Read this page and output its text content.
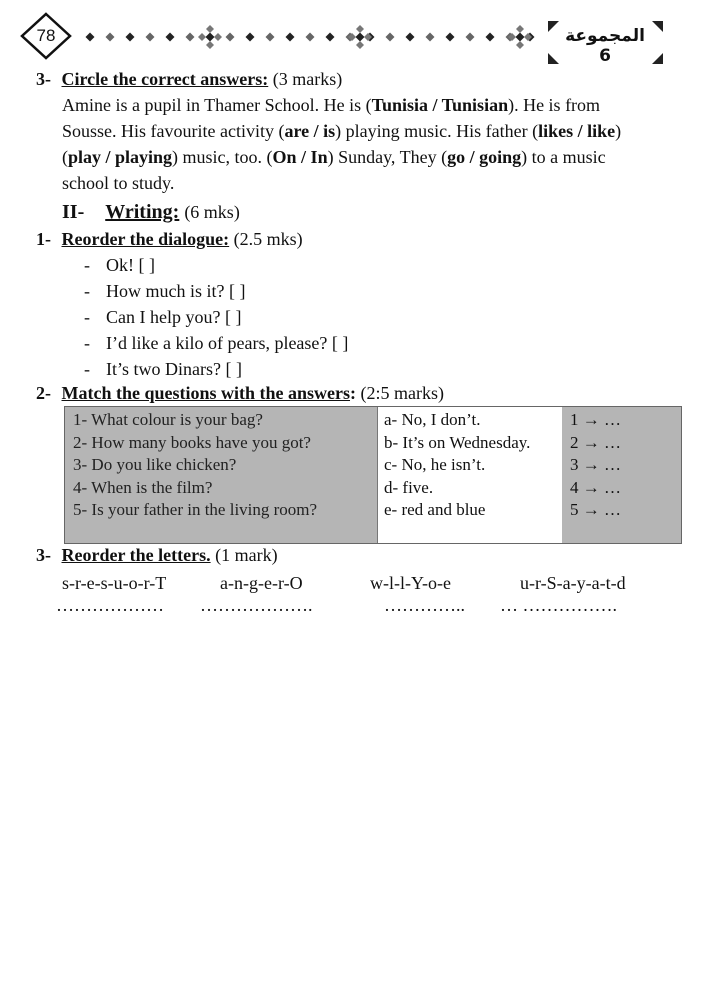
78	المجموعة 6
3- Circle the correct answers: (3 marks)
Amine is a pupil in Thamer School. He is (Tunisia / Tunisian). He is from
Sousse. His favourite activity (are / is) playing music. His father (likes / like)
(play / playing) music, too. (On / In) Sunday, They (go / going) to a music
school to study.
II- Writing: (6 mks)
1- Reorder the dialogue: (2.5 mks)
- Ok! [ ]
- How much is it? [ ]
- Can I help you? [ ]
- I’d like a kilo of pears, please? [ ]
- It’s two Dinars? [ ]
2- Match the questions with the answers: (2:5 marks)
1- What colour is your bag?
2- How many books have you got?
3- Do you like chicken?
4- When is the film?
5- Is your father in the living room?
a- No, I don’t.
b- It’s on Wednesday.
c- No, he isn’t.
d- five.
e- red and blue
1 → …
2 → …
3 → …
4 → …
5 → …
3- Reorder the letters. (1 mark)
s-r-e-s-u-o-r-T
………………
a-n-g-e-r-O
……………….
w-l-l-Y-o-e
…………..
u-r-S-a-y-a-t-d
… …………….
